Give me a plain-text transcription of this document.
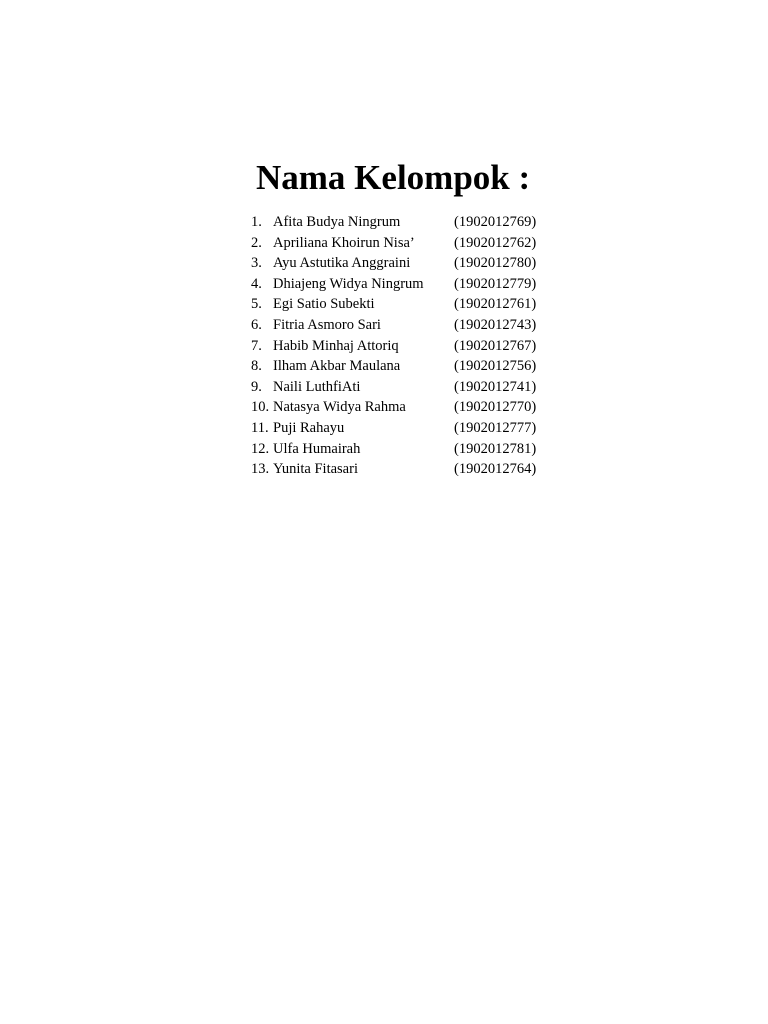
Nama Kelompok :
1. Afita Budya Ningrum	(1902012769)
2. Apriliana Khoirun Nisa’	(1902012762)
3. Ayu Astutika Anggraini	(1902012780)
4. Dhiajeng Widya Ningrum	(1902012779)
5. Egi Satio Subekti	(1902012761)
6. Fitria Asmoro Sari	(1902012743)
7. Habib Minhaj Attoriq	(1902012767)
8. Ilham Akbar Maulana	(1902012756)
9. Naili LuthfiAti	(1902012741)
10. Natasya Widya Rahma	(1902012770)
11. Puji Rahayu	(1902012777)
12. Ulfa Humairah	(1902012781)
13. Yunita Fitasari	(1902012764)
